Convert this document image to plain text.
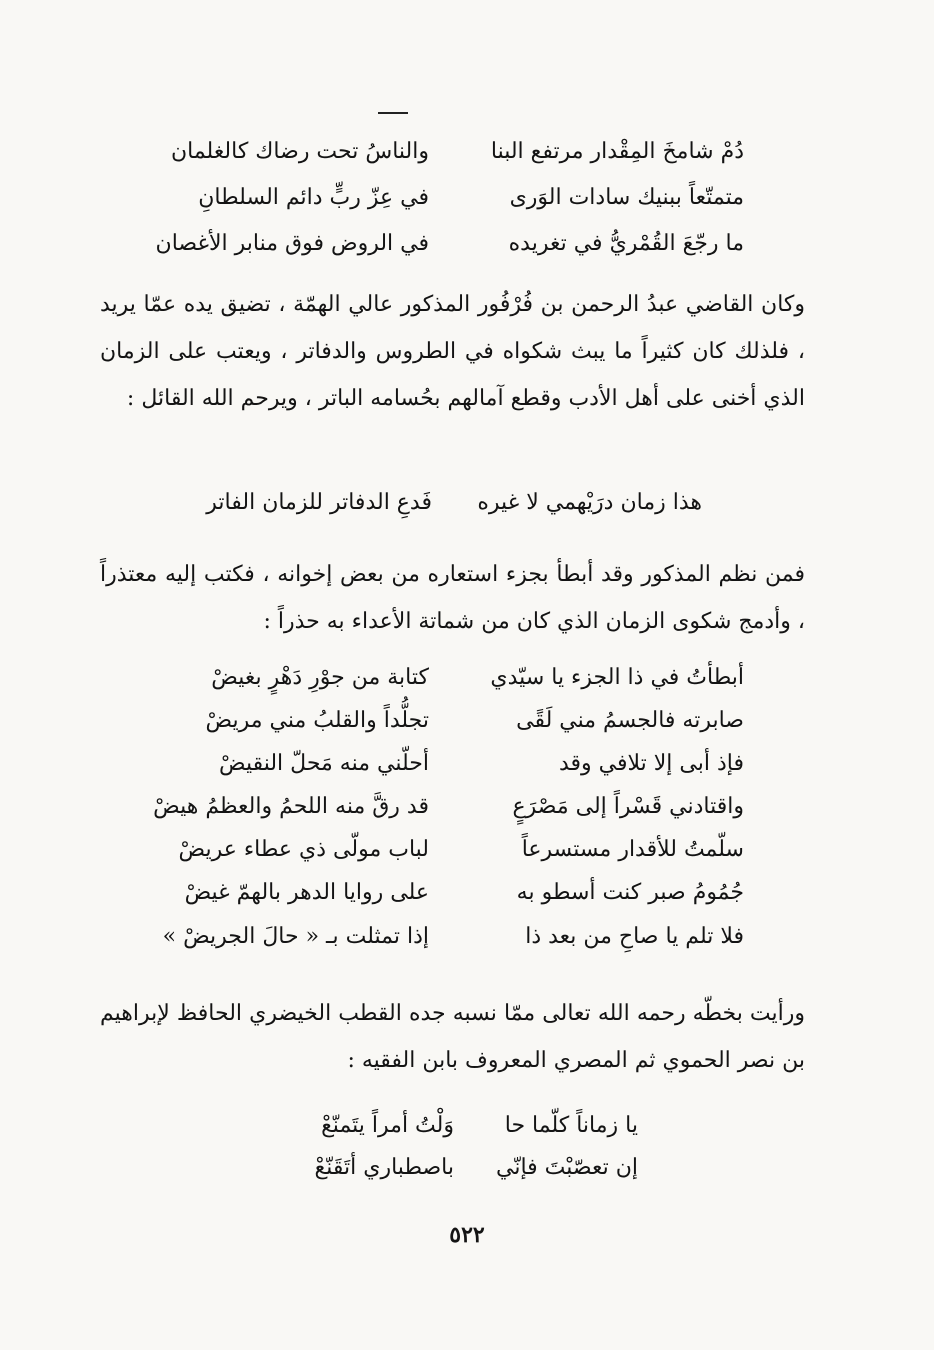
دُمْ شامخَ المِقْدار مرتفع البنا
والناسُ تحت رضاك كالغلمان
متمتّعاً ببنيك سادات الوَرى
في عِزّ ربٍّ دائم السلطانِ
ما رجّعَ القُمْريُّ في تغريده
في الروض فوق منابر الأغصان
وكان القاضي عبدُ الرحمن بن فُرْفُور المذكور عالي الهمّة ، تضيق يده عمّا يريد ، فلذلك كان كثيراً ما يبث شكواه في الطروس والدفاتر ، ويعتب على الزمان الذي أخنى على أهل الأدب وقطع آمالهم بحُسامه الباتر ، ويرحم الله القائل :
هذا زمان درَيْهمي لا غيره
فَدعِ الدفاتر للزمان الفاتر
فمن نظم المذكور وقد أبطأ بجزء استعاره من بعض إخوانه ، فكتب إليه معتذراً ، وأدمج شكوى الزمان الذي كان من شماتة الأعداء به حذراً :
أبطأتُ في ذا الجزء يا سيّدي
كتابة من جوْرِ دَهْرٍ بغيضْ
صابرته فالجسمُ مني لَقًى
تجلُّداً والقلبُ مني مريضْ
فإذ أبى إلا تلافي وقد
أحلّني منه مَحلّ النقيضْ
واقتادني قَسْراً إلى مَصْرَعٍ
قد رقَّ منه اللحمُ والعظمُ هيضْ
سلّمتُ للأقدار مستسرعاً
لباب مولّى ذي عطاء عريضْ
جُمُومُ صبر كنت أسطو به
على روايا الدهر بالهمّ غيضْ
فلا تلم يا صاحِ من بعد ذا
إذا تمثلت بـ « حالَ الجريضْ »
ورأيت بخطّه رحمه الله تعالى ممّا نسبه جده القطب الخيضري الحافظ لإبراهيم بن نصر الحموي ثم المصري المعروف بابن الفقيه :
يا زماناً كلّما حا
وَلْتُ أمراً يتَمنّعْ
إن تعصّبْتَ فإنّي
باصطباري أتَقَنّعْ
٥٢٢
